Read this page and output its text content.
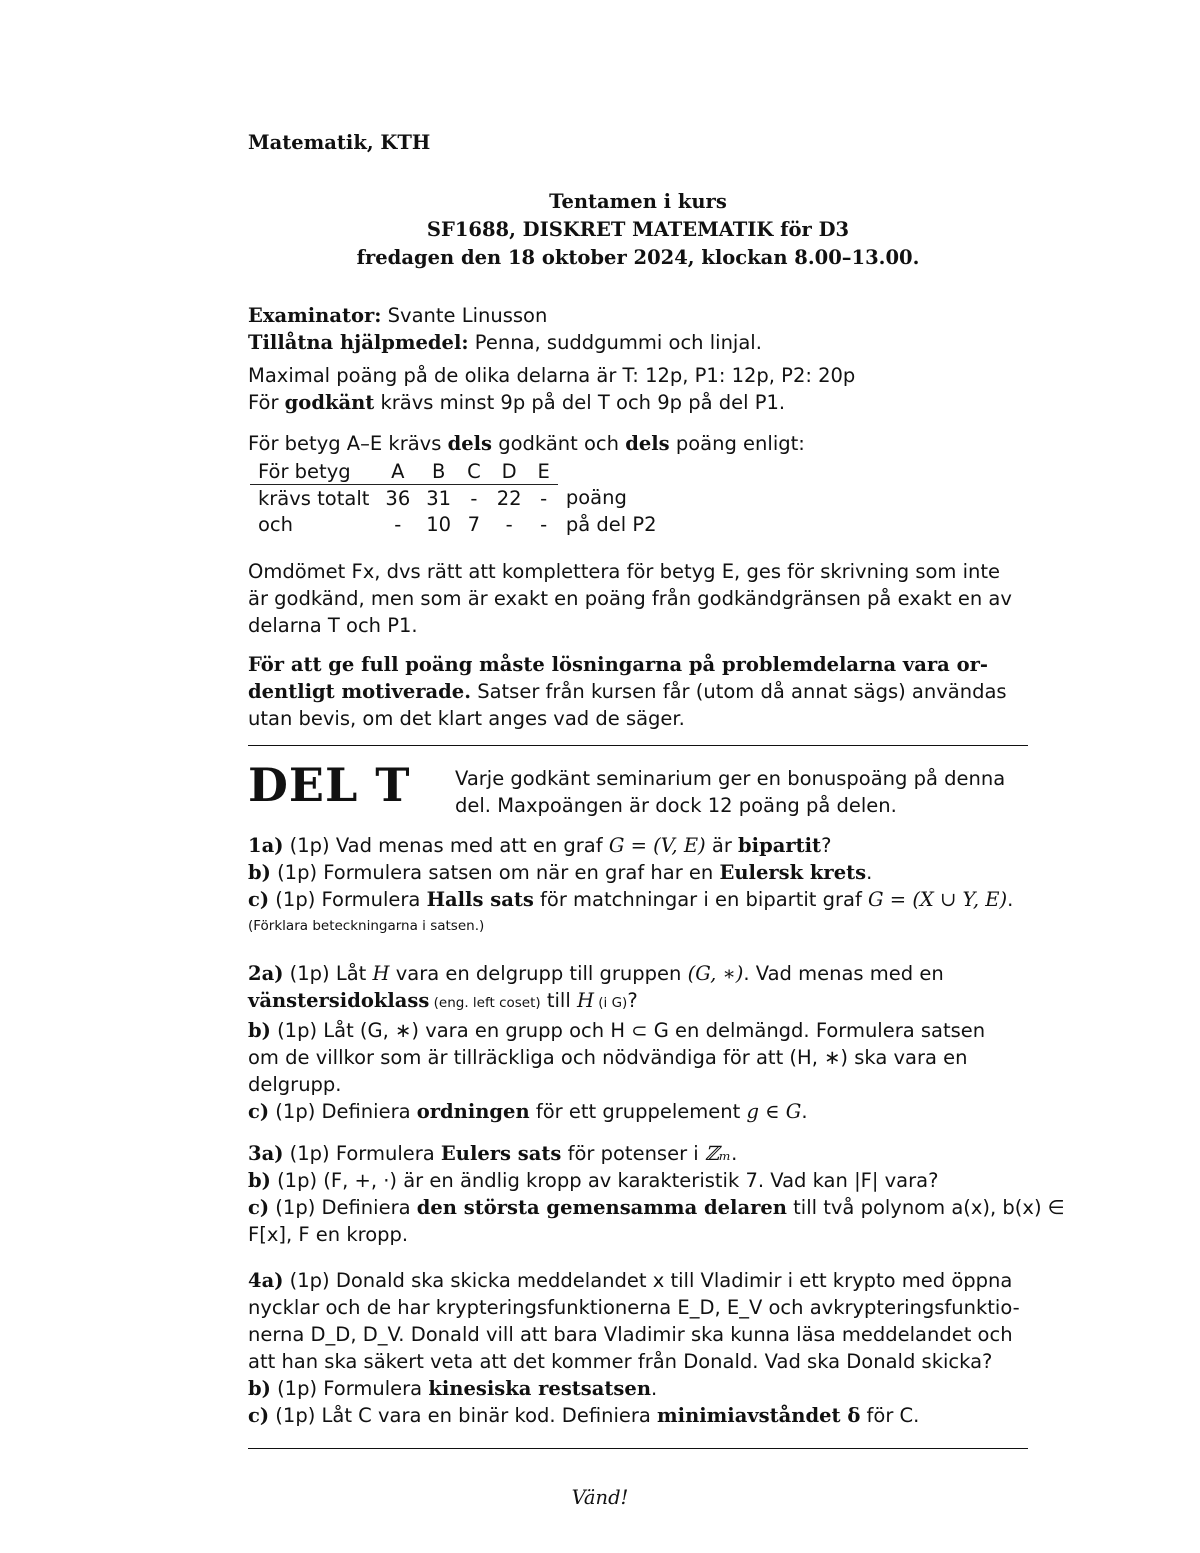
Matematik, KTH
Tentamen i kurs
SF1688, DISKRET MATEMATIK för D3
fredagen den 18 oktober 2024, klockan 8.00–13.00.
Examinator: Svante Linusson
Tillåtna hjälpmedel: Penna, suddgummi och linjal.
Maximal poäng på de olika delarna är T: 12p, P1: 12p, P2: 20p
För godkänt krävs minst 9p på del T och 9p på del P1.
För betyg A–E krävs dels godkänt och dels poäng enligt:
För betyg	A	B	C	D	E	
krävs totalt	36	31	-	22	-	poäng
och	-	10	7	-	-	på del P2
Omdömet Fx, dvs rätt att komplettera för betyg E, ges för skrivning som inte
är godkänd, men som är exakt en poäng från godkändgränsen på exakt en av
delarna T och P1.
För att ge full poäng måste lösningarna på problemdelarna vara or-
dentligt motiverade. Satser från kursen får (utom då annat sägs) användas
utan bevis, om det klart anges vad de säger.
DEL T Varje godkänt seminarium ger en bonuspoäng på denna
del. Maxpoängen är dock 12 poäng på delen.
1a) (1p) Vad menas med att en graf G = (V, E) är bipartit?
b) (1p) Formulera satsen om när en graf har en Eulersk krets.
c) (1p) Formulera Halls sats för matchningar i en bipartit graf G = (X ∪ Y, E).
(Förklara beteckningarna i satsen.)
2a) (1p) Låt H vara en delgrupp till gruppen (G, ∗). Vad menas med en
vänstersidoklass (eng. left coset) till H (i G)?
b) (1p) Låt (G, ∗) vara en grupp och H ⊂ G en delmängd. Formulera satsen
om de villkor som är tillräckliga och nödvändiga för att (H, ∗) ska vara en
delgrupp.
c) (1p) Definiera ordningen för ett gruppelement g ∈ G.
3a) (1p) Formulera Eulers sats för potenser i ℤₘ.
b) (1p) (F, +, ·) är en ändlig kropp av karakteristik 7. Vad kan |F| vara?
c) (1p) Definiera den största gemensamma delaren till två polynom a(x), b(x) ∈
F[x], F en kropp.
4a) (1p) Donald ska skicka meddelandet x till Vladimir i ett krypto med öppna
nycklar och de har krypteringsfunktionerna E_D, E_V och avkrypteringsfunktio-
nerna D_D, D_V. Donald vill att bara Vladimir ska kunna läsa meddelandet och
att han ska säkert veta att det kommer från Donald. Vad ska Donald skicka?
b) (1p) Formulera kinesiska restsatsen.
c) (1p) Låt C vara en binär kod. Definiera minimiavståndet δ för C.
Vänd!
